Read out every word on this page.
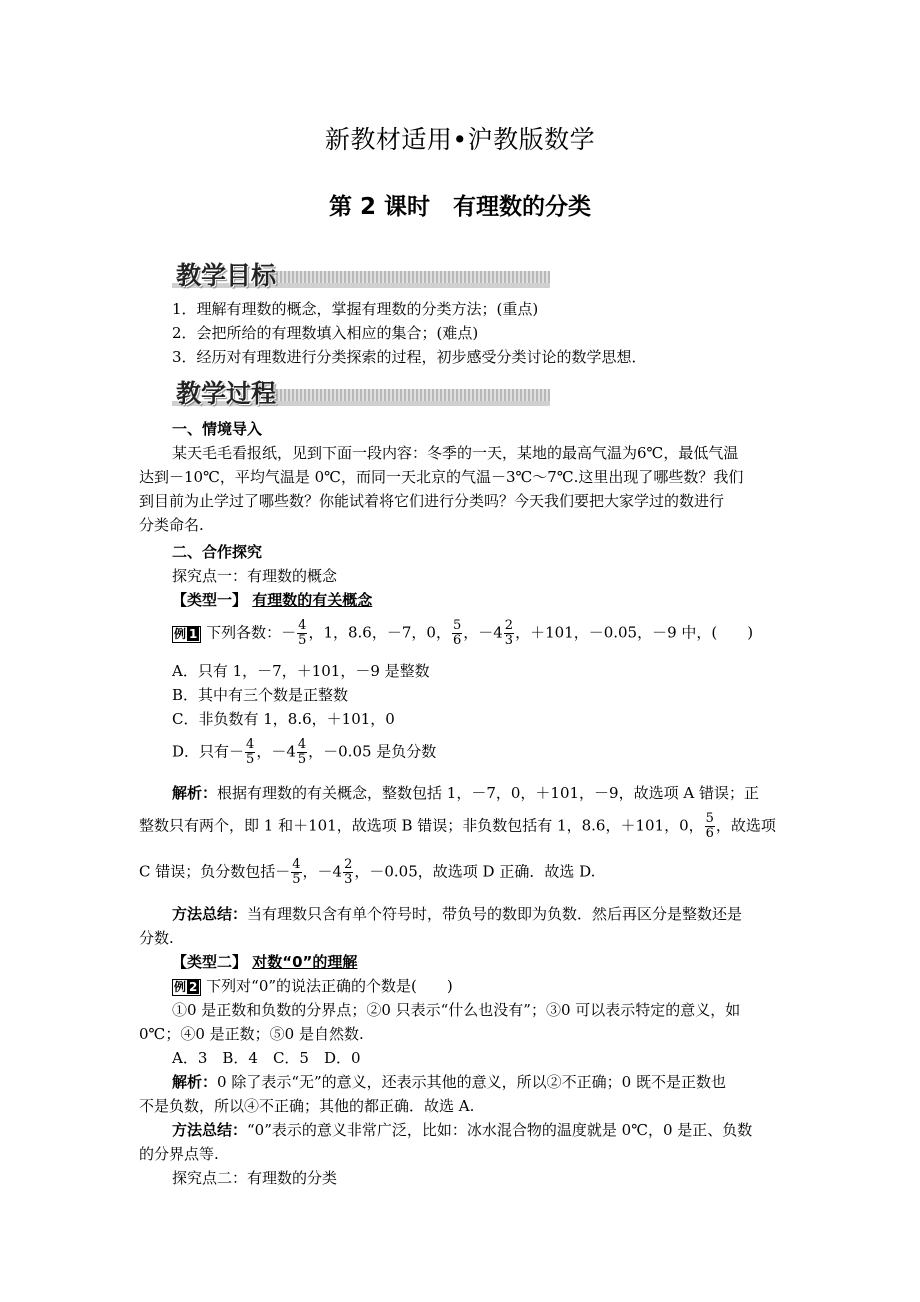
新教材适用•沪教版数学
第 2 课时　有理数的分类
教学目标
1．理解有理数的概念，掌握有理数的分类方法；(重点)
2．会把所给的有理数填入相应的集合；(难点)
3．经历对有理数进行分类探索的过程，初步感受分类讨论的数学思想．
教学过程
一、情境导入
某天毛毛看报纸，见到下面一段内容：冬季的一天，某地的最高气温为6℃，最低气温
达到－10℃，平均气温是 0℃，而同一天北京的气温－3℃～7℃.这里出现了哪些数？我们
到目前为止学过了哪些数？你能试着将它们进行分类吗？今天我们要把大家学过的数进行
分类命名.
二、合作探究
探究点一：有理数的概念
【类型一】 有理数的有关概念
例 1 下列各数：－ $\frac{4}{5}$ ，1，8.6，－7，0， $\frac{5}{6}$ ，$-4 \frac{2}{3}$ ，＋101，－0.05，－9 中，(　　)
A．只有 1，－7，＋101，－9 是整数
B．其中有三个数是正整数
C．非负数有 1，8.6，＋101，0
D．只有－ $\frac{4}{5}$ ，$-4 \frac{4}{5}$ ，－0.05 是负分数
解析：根据有理数的有关概念，整数包括 1，－7，0，＋101，－9，故选项 A 错误；正
整数只有两个，即 1 和＋101，故选项 B 错误；非负数包括有 1，8.6，＋101，0， $\frac{5}{6}$ ，故选项
C 错误；负分数包括－ $\frac{4}{5}$ ，$-4 \frac{2}{3}$ ，－0.05，故选项 D 正确．故选 D.
方法总结：当有理数只含有单个符号时，带负号的数即为负数．然后再区分是整数还是
分数.
【类型二】 对数“0”的理解
例 2 下列对“0”的说法正确的个数是(　　)
①0 是正数和负数的分界点；②0 只表示“什么也没有”；③0 可以表示特定的意义，如
0℃；④0 是正数；⑤0 是自然数.
A．3　B．4　C．5　D．0
解析：0 除了表示“无”的意义，还表示其他的意义，所以②不正确；0 既不是正数也
不是负数，所以④不正确；其他的都正确．故选 A.
方法总结：“0”表示的意义非常广泛，比如：冰水混合物的温度就是 0℃，0 是正、负数
的分界点等.
探究点二：有理数的分类
